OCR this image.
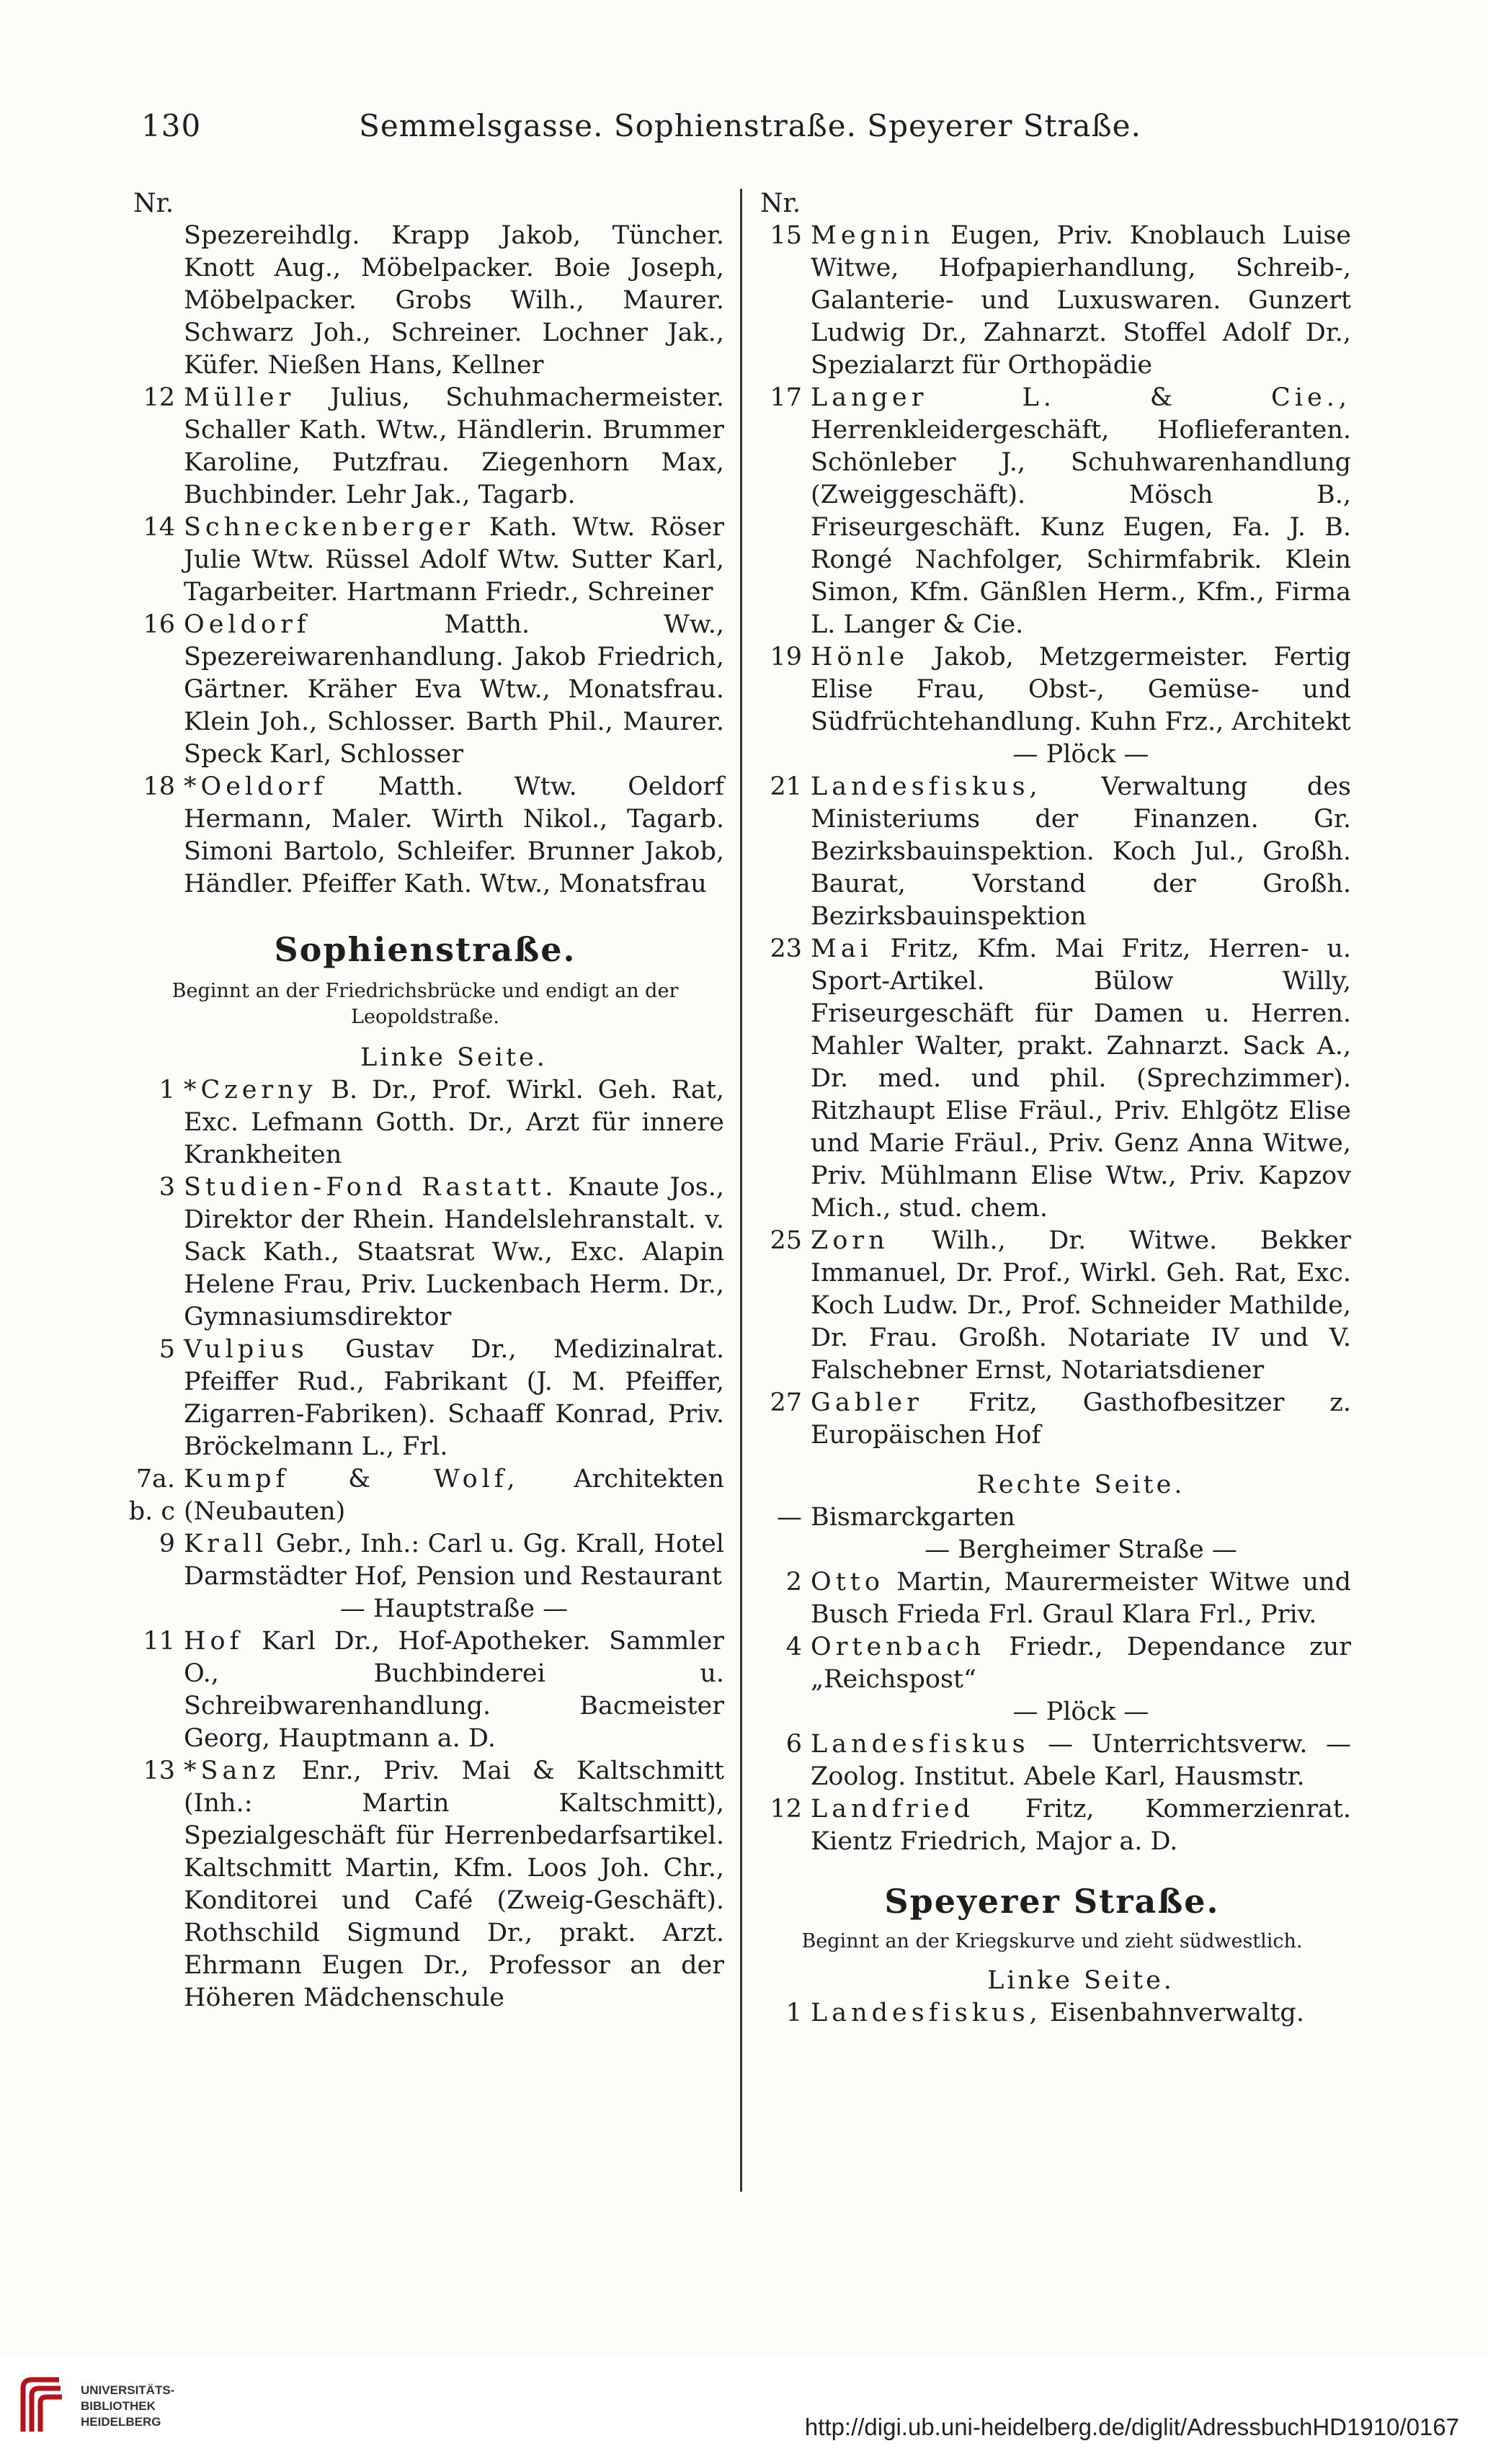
130	Semmelsgasse. Sophienstraße. Speyerer Straße.
Nr.
Spezereihdlg. Krapp Jakob, Tüncher. Knott Aug., Möbelpacker. Boie Joseph, Möbelpacker. Grobs Wilh., Maurer. Schwarz Joh., Schreiner. Lochner Jak., Küfer. Nießen Hans, Kellner
12 Müller Julius, Schuhmachermeister. Schaller Kath. Wtw., Händlerin. Brummer Karoline, Putzfrau. Ziegenhorn Max, Buchbinder. Lehr Jak., Tagarb.
14 Schneckenberger Kath. Wtw. Röser Julie Wtw. Rüssel Adolf Wtw. Sutter Karl, Tagarbeiter. Hartmann Friedr., Schreiner
16 Oeldorf Matth. Ww., Spezereiwarenhandlung. Jakob Friedrich, Gärtner. Kräher Eva Wtw., Monatsfrau. Klein Joh., Schlosser. Barth Phil., Maurer. Speck Karl, Schlosser
18 *Oeldorf Matth. Wtw. Oeldorf Hermann, Maler. Wirth Nikol., Tagarb. Simoni Bartolo, Schleifer. Brunner Jakob, Händler. Pfeiffer Kath. Wtw., Monatsfrau
Sophienstraße.
Beginnt an der Friedrichsbrücke und endigt an der Leopoldstraße.
Linke Seite.
1 *Czerny B. Dr., Prof. Wirkl. Geh. Rat, Exc. Lefmann Gotth. Dr., Arzt für innere Krankheiten
3 Studien-Fond Rastatt. Knaute Jos., Direktor der Rhein. Handelslehranstalt. v. Sack Kath., Staatsrat Ww., Exc. Alapin Helene Frau, Priv. Luckenbach Herm. Dr., Gymnasiumsdirektor
5 Vulpius Gustav Dr., Medizinalrat. Pfeiffer Rud., Fabrikant (J. M. Pfeiffer, Zigarren-Fabriken). Schaaff Konrad, Priv. Bröckelmann L., Frl.
7a. b. c
Kumpf & Wolf, Architekten (Neubauten)
9 Krall Gebr., Inh.: Carl u. Gg. Krall, Hotel Darmstädter Hof, Pension und Restaurant
— Hauptstraße —
11 Hof Karl Dr., Hof-Apotheker. Sammler O., Buchbinderei u. Schreibwarenhandlung. Bacmeister Georg, Hauptmann a. D.
13 *Sanz Enr., Priv. Mai & Kaltschmitt (Inh.: Martin Kaltschmitt), Spezialgeschäft für Herrenbedarfsartikel. Kaltschmitt Martin, Kfm. Loos Joh. Chr., Konditorei und Café (Zweig-Geschäft). Rothschild Sigmund Dr., prakt. Arzt. Ehrmann Eugen Dr., Professor an der Höheren Mädchenschule
Nr.
15 Megnin Eugen, Priv. Knoblauch Luise Witwe, Hofpapierhandlung, Schreib-, Galanterie- und Luxuswaren. Gunzert Ludwig Dr., Zahnarzt. Stoffel Adolf Dr., Spezialarzt für Orthopädie
17 Langer L. & Cie., Herrenkleidergeschäft, Hoflieferanten. Schönleber J., Schuhwarenhandlung (Zweiggeschäft). Mösch B., Friseurgeschäft. Kunz Eugen, Fa. J. B. Rongé Nachfolger, Schirmfabrik. Klein Simon, Kfm. Gänßlen Herm., Kfm., Firma L. Langer & Cie.
19 Hönle Jakob, Metzgermeister. Fertig Elise Frau, Obst-, Gemüse- und Südfrüchtehandlung. Kuhn Frz., Architekt
— Plöck —
21 Landesfiskus, Verwaltung des Ministeriums der Finanzen. Gr. Bezirksbauinspektion. Koch Jul., Großh. Baurat, Vorstand der Großh. Bezirksbauinspektion
23 Mai Fritz, Kfm. Mai Fritz, Herren- u. Sport-Artikel. Bülow Willy, Friseurgeschäft für Damen u. Herren. Mahler Walter, prakt. Zahnarzt. Sack A., Dr. med. und phil. (Sprechzimmer). Ritzhaupt Elise Fräul., Priv. Ehlgötz Elise und Marie Fräul., Priv. Genz Anna Witwe, Priv. Mühlmann Elise Wtw., Priv. Kapzov Mich., stud. chem.
25 Zorn Wilh., Dr. Witwe. Bekker Immanuel, Dr. Prof., Wirkl. Geh. Rat, Exc. Koch Ludw. Dr., Prof. Schneider Mathilde, Dr. Frau. Großh. Notariate IV und V. Falschebner Ernst, Notariatsdiener
27 Gabler Fritz, Gasthofbesitzer z. Europäischen Hof
Rechte Seite.
— Bismarckgarten
— Bergheimer Straße —
2 Otto Martin, Maurermeister Witwe und Busch Frieda Frl. Graul Klara Frl., Priv.
4 Ortenbach Friedr., Dependance zur „Reichspost“
— Plöck —
6 Landesfiskus — Unterrichtsverw. — Zoolog. Institut. Abele Karl, Hausmstr.
12 Landfried Fritz, Kommerzienrat. Kientz Friedrich, Major a. D.
Speyerer Straße.
Beginnt an der Kriegskurve und zieht südwestlich.
Linke Seite.
1 Landesfiskus, Eisenbahnverwaltg.
UNIVERSITÄTS-
BIBLIOTHEK
HEIDELBERG	http://digi.ub.uni-heidelberg.de/diglit/AdressbuchHD1910/0167
